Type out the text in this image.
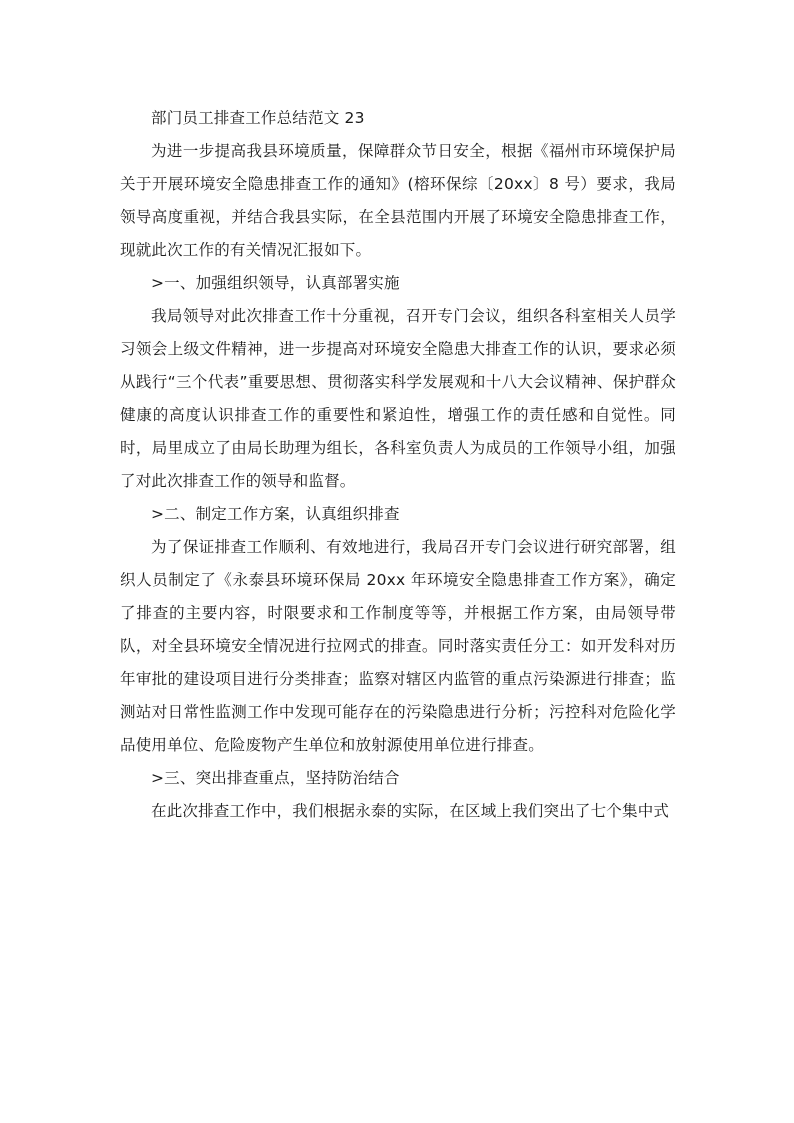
部门员工排查工作总结范文 23

为进一步提高我县环境质量，保障群众节日安全，根据《福州市环境保护局关于开展环境安全隐患排查工作的通知》(榕环保综〔20xx〕8 号）要求，我局领导高度重视，并结合我县实际，在全县范围内开展了环境安全隐患排查工作，现就此次工作的有关情况汇报如下。

>一、加强组织领导，认真部署实施

我局领导对此次排查工作十分重视，召开专门会议，组织各科室相关人员学习领会上级文件精神，进一步提高对环境安全隐患大排查工作的认识，要求必须从践行“三个代表”重要思想、贯彻落实科学发展观和十八大会议精神、保护群众健康的高度认识排查工作的重要性和紧迫性，增强工作的责任感和自觉性。同时，局里成立了由局长助理为组长，各科室负责人为成员的工作领导小组，加强了对此次排查工作的领导和监督。

>二、制定工作方案，认真组织排查

为了保证排查工作顺利、有效地进行，我局召开专门会议进行研究部署，组织人员制定了《永泰县环境环保局 20xx 年环境安全隐患排查工作方案》，确定了排查的主要内容，时限要求和工作制度等等，并根据工作方案，由局领导带队，对全县环境安全情况进行拉网式的排查。同时落实责任分工：如开发科对历年审批的建设项目进行分类排查；监察对辖区内监管的重点污染源进行排查；监测站对日常性监测工作中发现可能存在的污染隐患进行分析；污控科对危险化学品使用单位、危险废物产生单位和放射源使用单位进行排查。

>三、突出排查重点，坚持防治结合

在此次排查工作中，我们根据永泰的实际，在区域上我们突出了七个集中式
